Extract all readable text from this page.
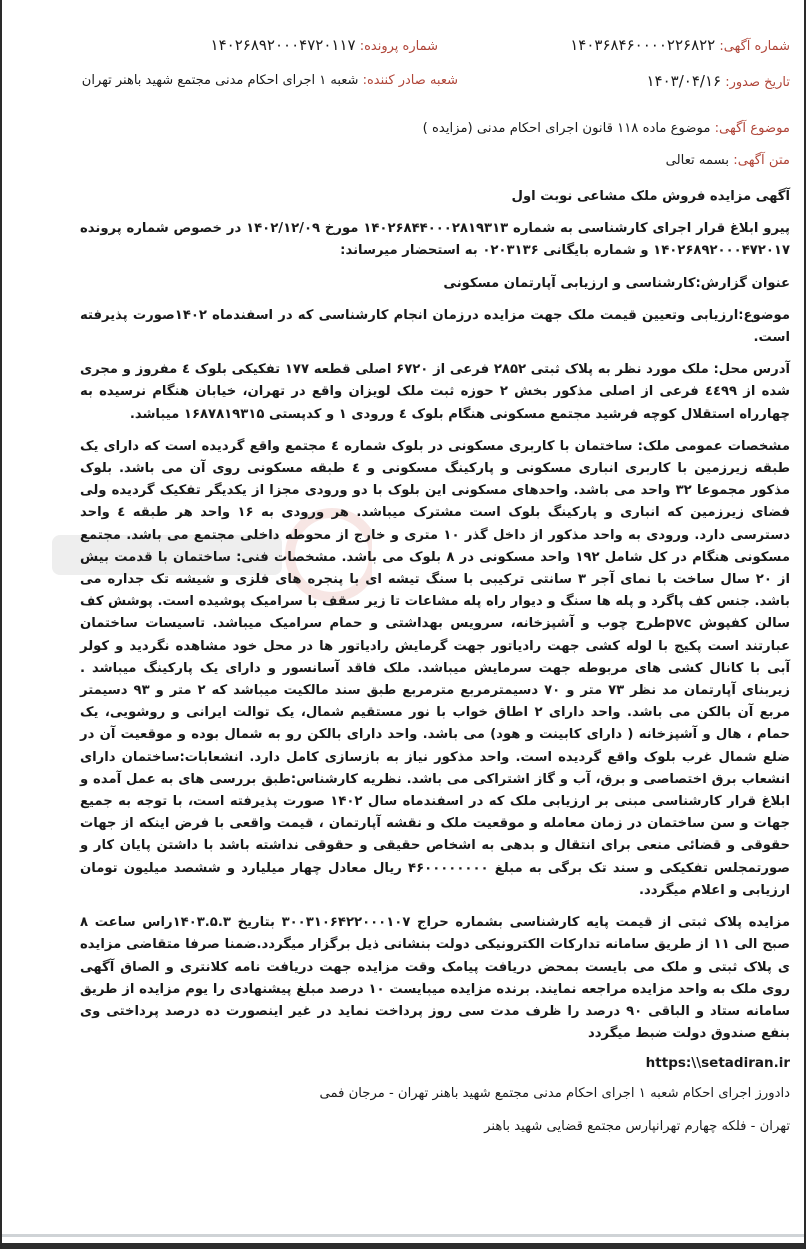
شماره آگهی: ۱۴۰۳۶۸۴۶۰۰۰۰۲۲۶۸۲۲
شماره پرونده: ۱۴۰۲۶۸۹۲۰۰۰۴۷۲۰۱۱۷
تاریخ صدور: ۱۴۰۳/۰۴/۱۶
شعبه صادر کننده: شعبه ۱ اجرای احکام مدنی مجتمع شهید باهنر تهران

موضوع آگهی: موضوع ماده ۱۱۸ قانون اجرای احکام مدنی (مزایده )

متن آگهی: بسمه تعالی

آگهی مزایده فروش ملک مشاعی نوبت اول

پیرو ابلاغ قرار اجرای کارشناسی به شماره ۱۴۰۲۶۸۴۴۰۰۰۲۸۱۹۳۱۳ مورخ ۱۴۰۲/۱۲/۰۹ در خصوص شماره پرونده ۱۴۰۲۶۸۹۲۰۰۰۴۷۲۰۱۷ و شماره بایگانی ۰۲۰۳۱۳۶ به استحضار میرساند:

عنوان گزارش:کارشناسی و ارزیابی آپارتمان مسکونی

موضوع:ارزیابی وتعیین قیمت ملک جهت مزایده درزمان انجام کارشناسی که در اسفندماه ۱۴۰۲صورت پذیرفته است.

آدرس محل: ملک مورد نظر به پلاک ثبتی ۲۸۵۲ فرعی از ۶۷۲۰ اصلی قطعه ۱۷۷ تفکیکی بلوک ٤ مفروز و مجری شده از ٤٤۹۹ فرعی از اصلی مذکور بخش ۲ حوزه ثبت ملک لویزان واقع در تهران، خیابان هنگام نرسیده به چهارراه استقلال کوچه فرشید مجتمع مسکونی هنگام بلوک ٤ ورودی ۱ و کدپستی ۱۶۸۷۸۱۹۳۱۵ میباشد.

مشخصات عمومی ملک: ساختمان با کاربری مسکونی در بلوک شماره ٤ مجتمع واقع گردیده است که دارای یک طبقه زیرزمین با کاربری انباری مسکونی و پارکینگ مسکونی و ٤ طبقه مسکونی روی آن می باشد. بلوک مذکور مجموعا ۳۲ واحد می باشد. واحدهای مسکونی این بلوک با دو ورودی مجزا از یکدیگر تفکیک گردیده ولی فضای زیرزمین که انباری و پارکینگ بلوک است مشترک میباشد. هر ورودی به ۱۶ واحد هر طبقه ٤ واحد دسترسی دارد. ورودی به واحد مذکور از داخل گذر ۱۰ متری و خارج از محوطه داخلی مجتمع می باشد. مجتمع مسکونی هنگام در کل شامل ۱۹۲ واحد مسکونی در ۸ بلوک می باشد. مشخصات فنی: ساختمان با قدمت بیش از ۲۰ سال ساخت با نمای آجر ۳ سانتی ترکیبی با سنگ تیشه ای با پنجره های فلزی و شیشه تک جداره می باشد. جنس کف پاگرد و پله ها سنگ و دیوار راه پله مشاعات تا زیر سقف با سرامیک پوشیده است. پوشش کف سالن کفپوش pvcطرح چوب و آشپزخانه، سرویس بهداشتی و حمام سرامیک میباشد. تاسیسات ساختمان عبارتند است پکیج با لوله کشی جهت رادیاتور جهت گرمایش رادیاتور ها در محل خود مشاهده نگردید و کولر آبی با کانال کشی های مربوطه جهت سرمایش میباشد. ملک فاقد آسانسور و دارای یک پارکینگ میباشد . زیربنای آپارتمان مد نظر ۷۳ متر و ۷۰ دسیمترمربع مترمربع طبق سند مالکیت میباشد که ۲ متر و ۹۳ دسیمتر مربع آن بالکن می باشد. واحد دارای ۲ اطاق خواب با نور مستقیم شمال، یک توالت ایرانی و روشویی، یک حمام ، هال و آشپزخانه ( دارای کابینت و هود) می باشد. واحد دارای بالکن رو به شمال بوده و موقعیت آن در ضلع شمال غرب بلوک واقع گردیده است. واحد مذکور نیاز به بازسازی کامل دارد. انشعابات:ساختمان دارای انشعاب برق اختصاصی و برق، آب و گاز اشتراکی می باشد. نظریه کارشناس:طبق بررسی های به عمل آمده و ابلاغ قرار کارشناسی مبنی بر ارزیابی ملک که در اسفندماه سال ۱۴۰۲ صورت پذیرفته است، با توجه به جمیع جهات و سن ساختمان در زمان معامله و موقعیت ملک و نقشه آپارتمان ، قیمت واقعی با فرض اینکه از جهات حقوقی و قضائی منعی برای انتقال و بدهی به اشخاص حقیقی و حقوقی نداشته باشد با داشتن پایان کار و صورتمجلس تفکیکی و سند تک برگی به مبلغ ۴۶۰۰۰۰۰۰۰۰ ریال معادل چهار میلیارد و ششصد میلیون تومان ارزیابی و اعلام میگردد.

مزایده پلاک ثبتی از قیمت پایه کارشناسی بشماره حراج ۳۰۰۳۱۰۶۴۲۲۰۰۰۱۰۷ بتاریخ ۱۴۰۳.۵.۳راس ساعت ۸ صبح الی ۱۱ از طریق سامانه تدارکات الکترونیکی دولت بنشانی ذیل برگزار میگردد.ضمنا صرفا متقاضی مزایده ی پلاک ثبتی و ملک می بایست بمحض دریافت پیامک وقت مزایده جهت دریافت نامه کلانتری و الصاق آگهی روی ملک به واحد مزایده مراجعه نمایند. برنده مزایده میبایست ۱۰ درصد مبلغ پیشنهادی را یوم مزایده از طریق سامانه ستاد و الباقی ۹۰ درصد را ظرف مدت سی روز پرداخت نماید در غیر اینصورت ده درصد پرداختی وی بنفع صندوق دولت ضبط میگردد

https:\\setadiran.ir

دادورز اجرای احکام شعبه ۱ اجرای احکام مدنی مجتمع شهید باهنر تهران - مرجان فمی

تهران - فلکه چهارم تهرانپارس مجتمع قضایی شهید باهنر
